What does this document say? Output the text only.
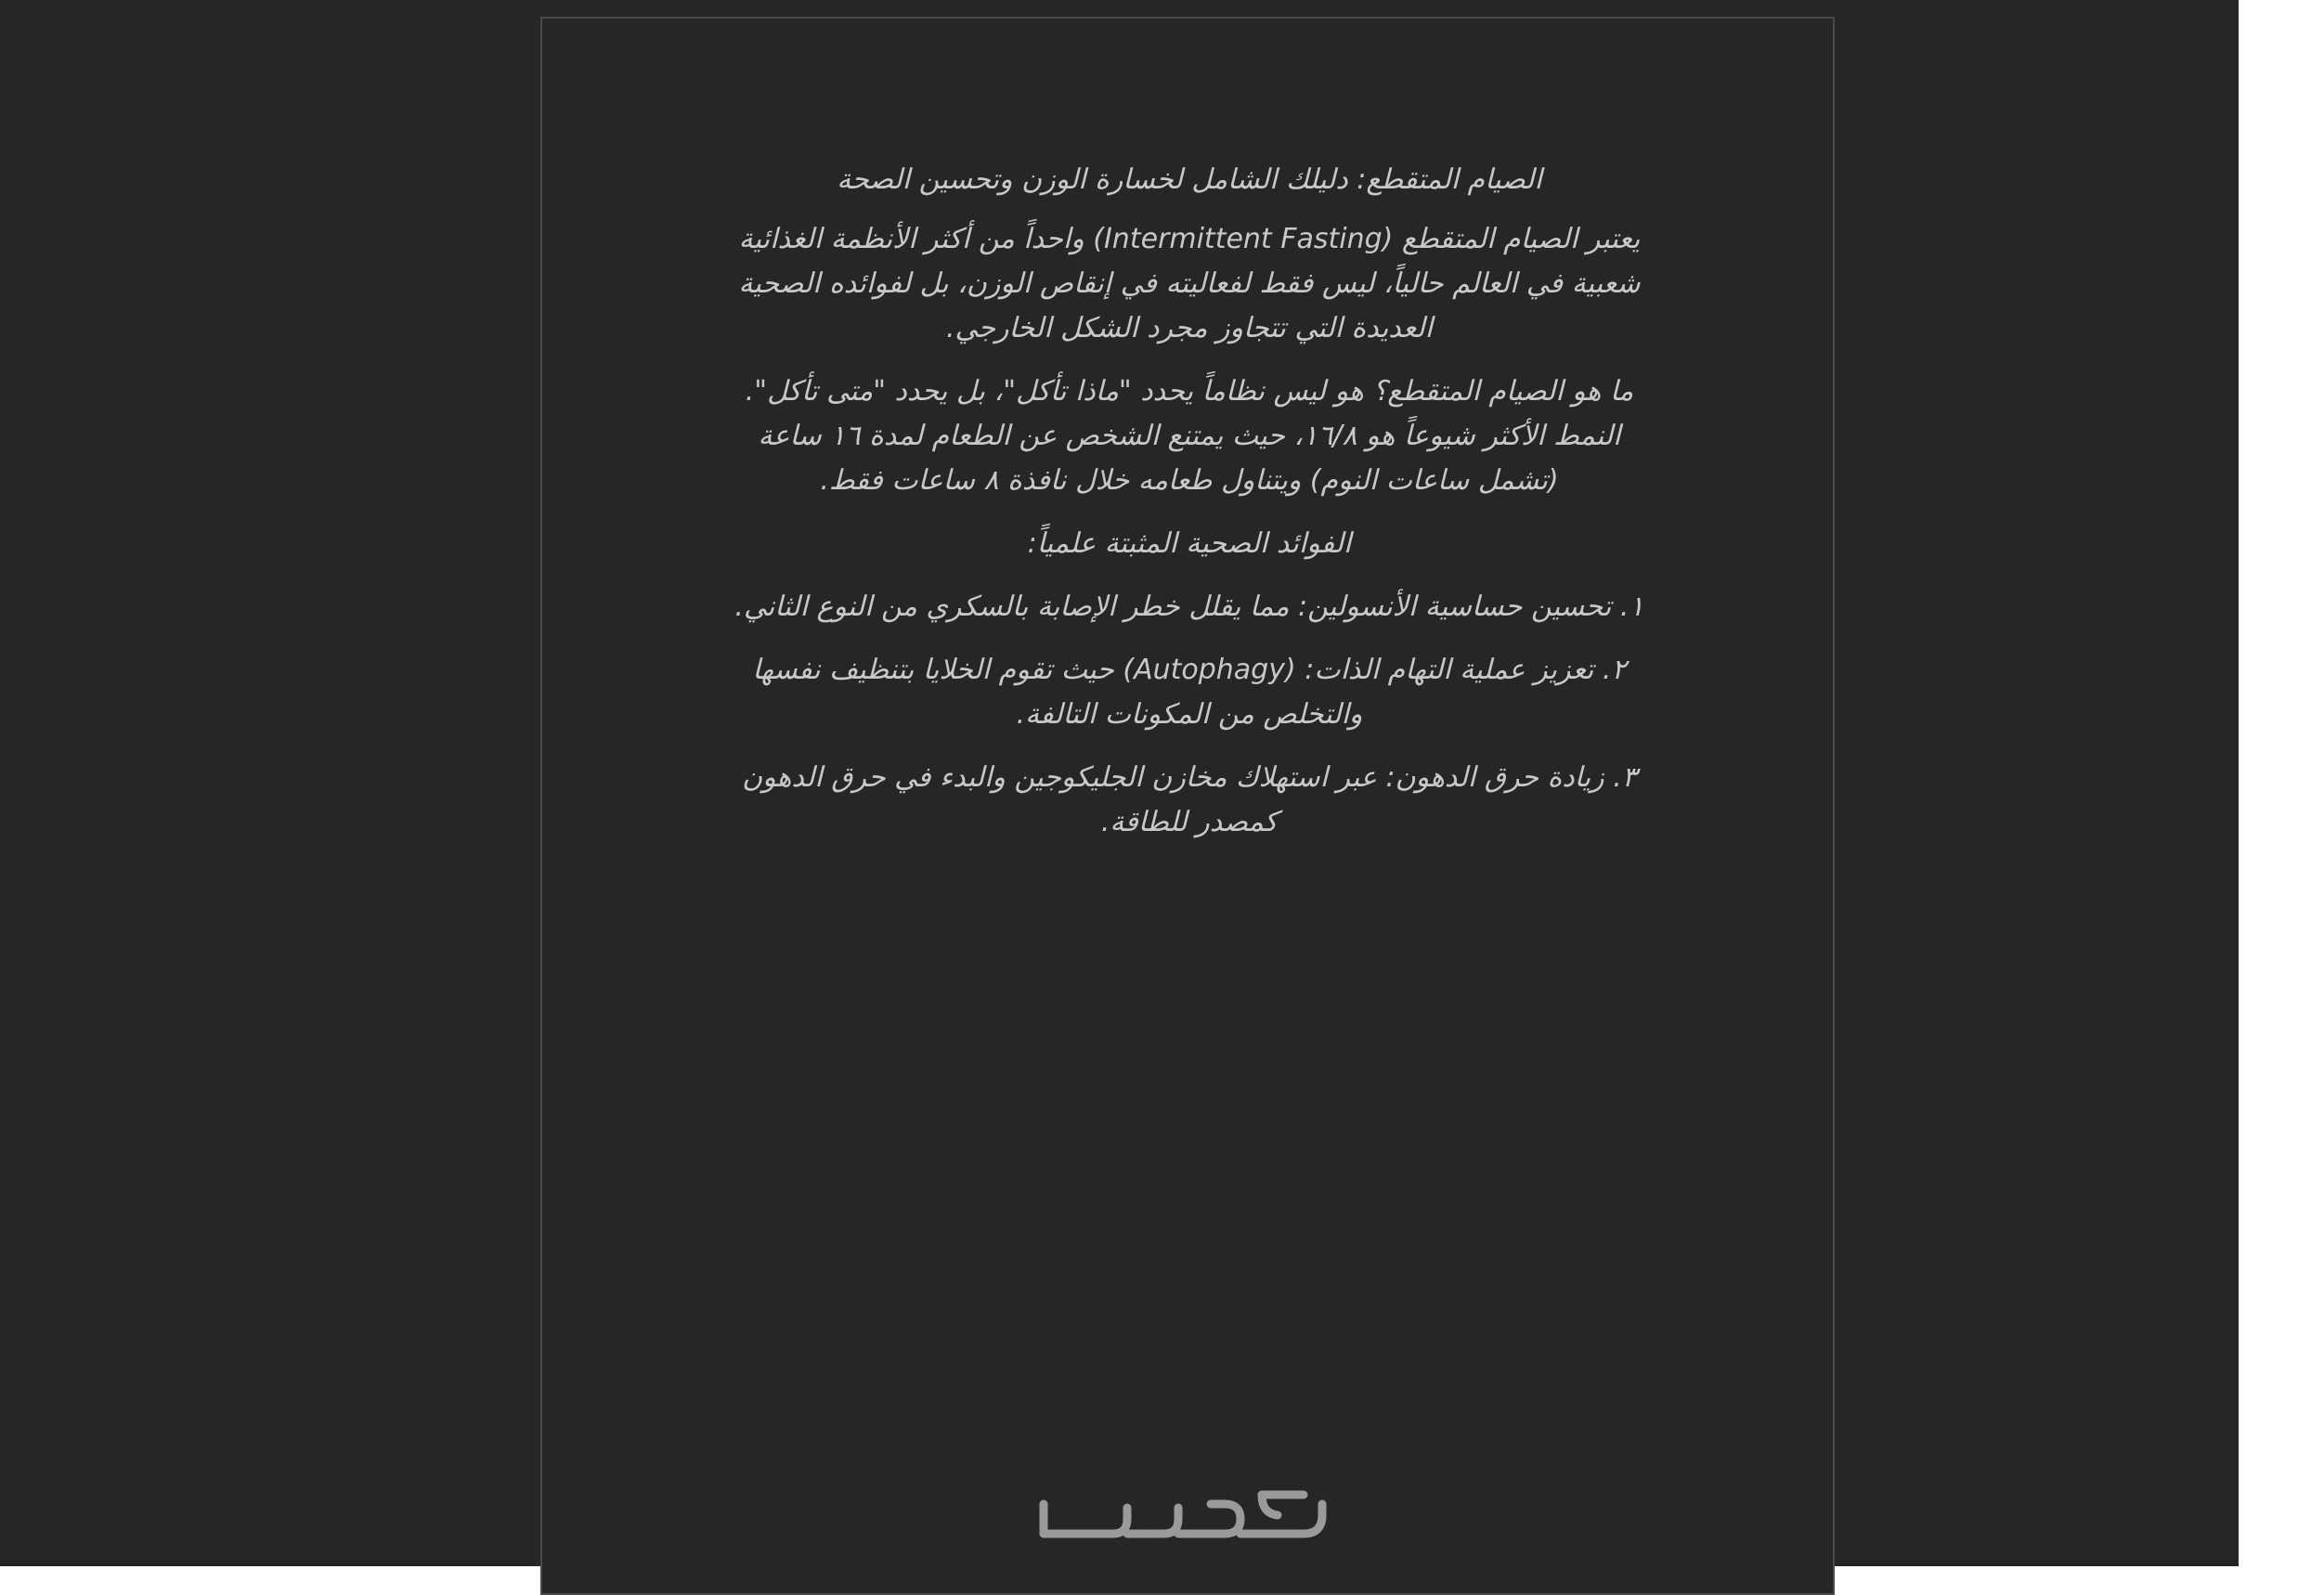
الصيام المتقطع: دليلك الشامل لخسارة الوزن وتحسين الصحة

يعتبر الصيام المتقطع (Intermittent Fasting) واحداً من أكثر الأنظمة الغذائية شعبية في العالم حالياً، ليس فقط لفعاليته في إنقاص الوزن، بل لفوائده الصحية العديدة التي تتجاوز مجرد الشكل الخارجي.

ما هو الصيام المتقطع؟ هو ليس نظاماً يحدد "ماذا تأكل"، بل يحدد "متى تأكل". النمط الأكثر شيوعاً هو ١٦/٨، حيث يمتنع الشخص عن الطعام لمدة ١٦ ساعة (تشمل ساعات النوم) ويتناول طعامه خلال نافذة ٨ ساعات فقط.

الفوائد الصحية المثبتة علمياً:

١. تحسين حساسية الأنسولين: مما يقلل خطر الإصابة بالسكري من النوع الثاني.

٢. تعزيز عملية التهام الذات: (Autophagy) حيث تقوم الخلايا بتنظيف نفسها والتخلص من المكونات التالفة.

٣. زيادة حرق الدهون: عبر استهلاك مخازن الجليكوجين والبدء في حرق الدهون كمصدر للطاقة.

خمسات
